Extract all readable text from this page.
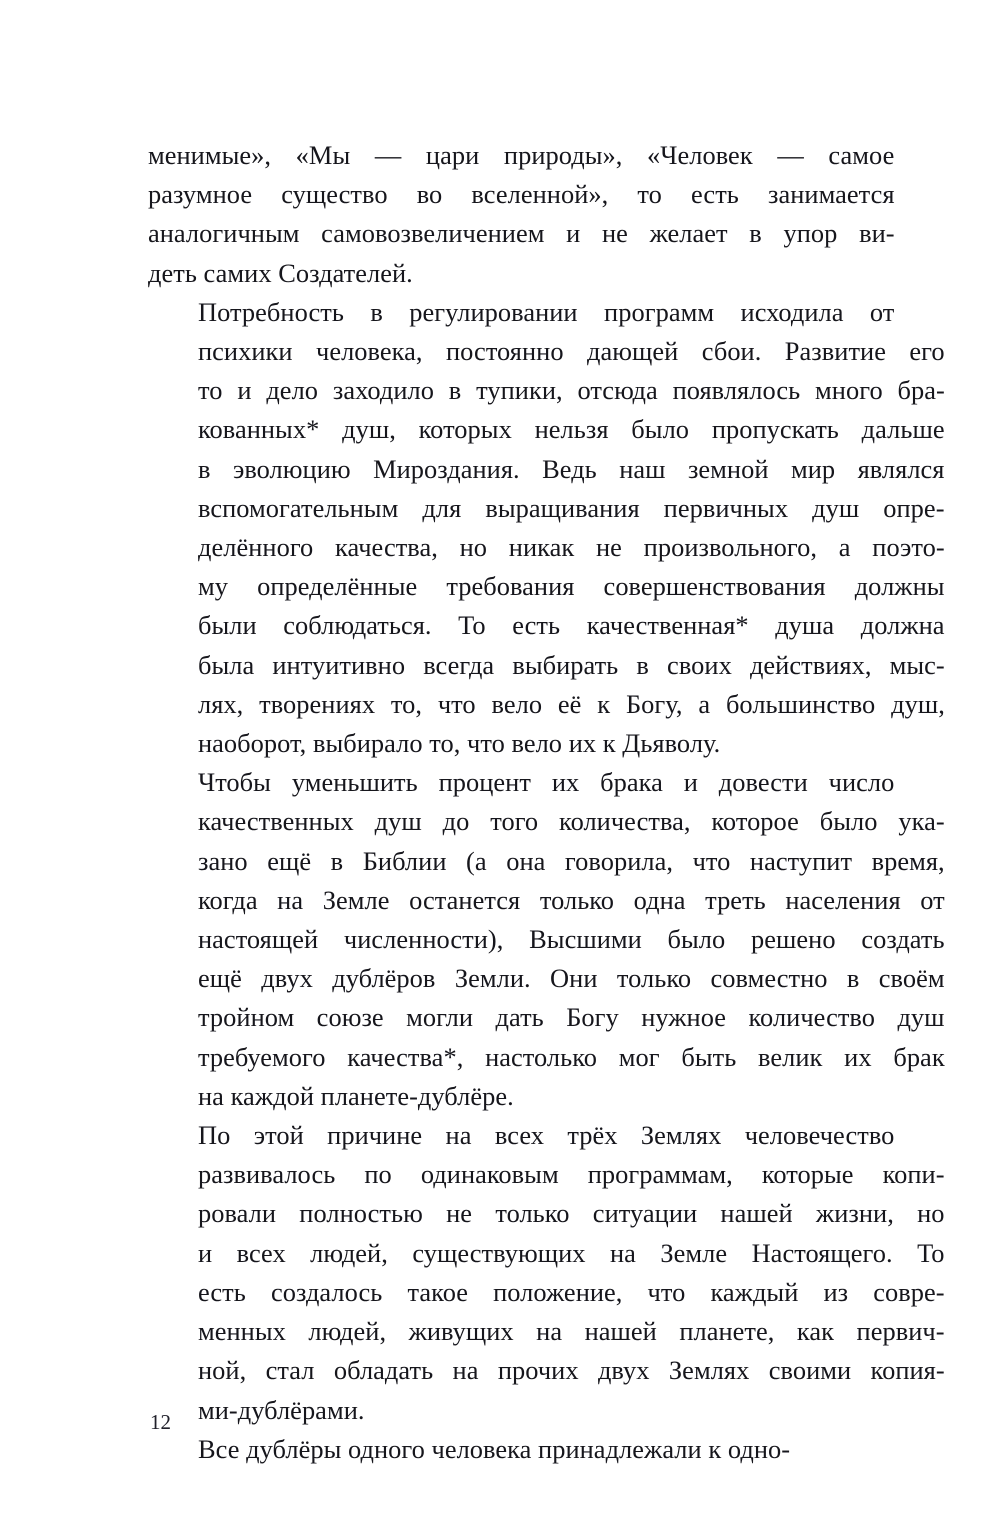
менимые», «Мы — цари природы», «Человек — самое
разумное существо во вселенной», то есть занимается
аналогичным самовозвеличением и не желает в упор ви-
деть самих Создателей.

Потребность в регулировании программ исходила от
психики человека, постоянно дающей сбои. Развитие его
то и дело заходило в тупики, отсюда появлялось много бра-
кованных* душ, которых нельзя было пропускать дальше
в эволюцию Мироздания. Ведь наш земной мир являлся
вспомогательным для выращивания первичных душ опре-
делённого качества, но никак не произвольного, а поэто-
му определённые требования совершенствования должны
были соблюдаться. То есть качественная* душа должна
была интуитивно всегда выбирать в своих действиях, мыс-
лях, творениях то, что вело её к Богу, а большинство душ,
наоборот, выбирало то, что вело их к Дьяволу.

Чтобы уменьшить процент их брака и довести число
качественных душ до того количества, которое было ука-
зано ещё в Библии (а она говорила, что наступит время,
когда на Земле останется только одна треть населения от
настоящей численности), Высшими было решено создать
ещё двух дублёров Земли. Они только совместно в своём
тройном союзе могли дать Богу нужное количество душ
требуемого качества*, настолько мог быть велик их брак
на каждой планете-дублёре.

По этой причине на всех трёх Землях человечество
развивалось по одинаковым программам, которые копи-
ровали полностью не только ситуации нашей жизни, но
и всех людей, существующих на Земле Настоящего. То
есть создалось такое положение, что каждый из совре-
менных людей, живущих на нашей планете, как первич-
ной, стал обладать на прочих двух Землях своими копия-
ми-дублёрами.

Все дублёры одного человека принадлежали к одно-

12
